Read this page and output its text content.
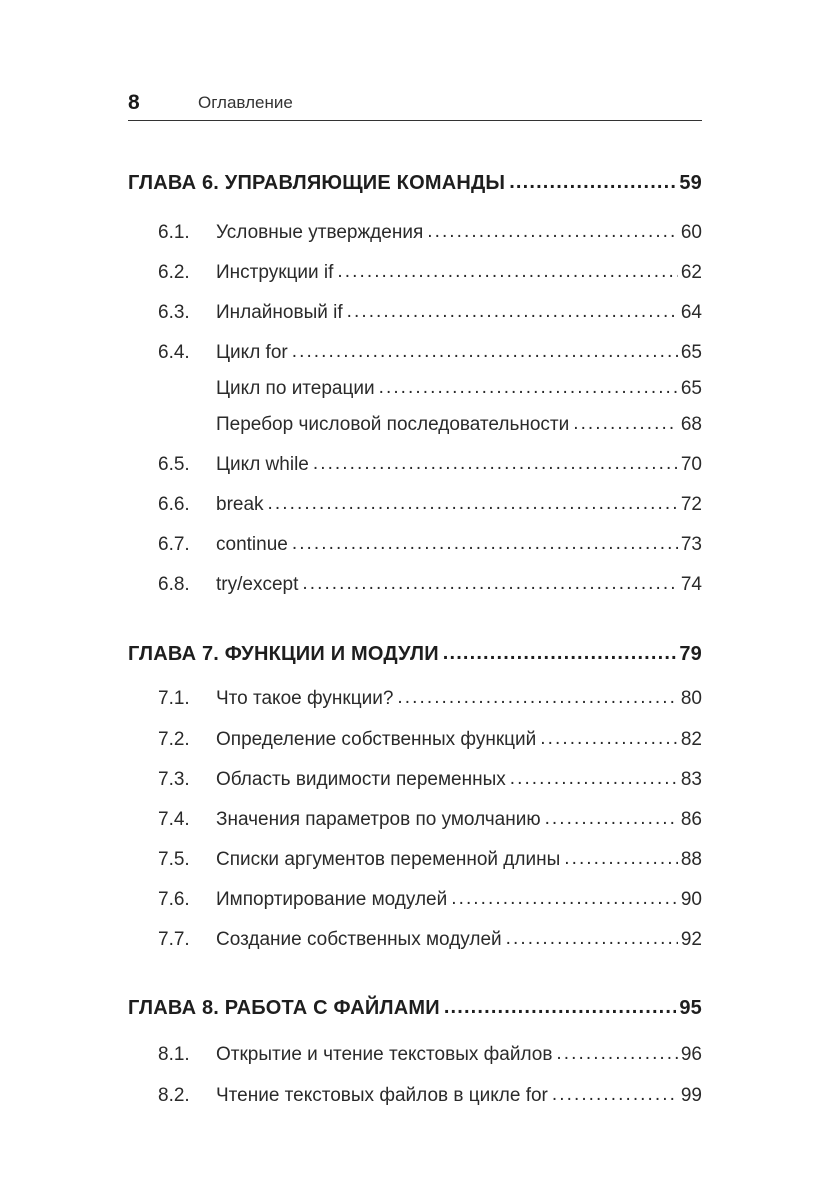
8	Оглавление
ГЛАВА 6. УПРАВЛЯЮЩИЕ КОМАНДЫ . . .	59
6.1.	Условные утверждения . . .	60
6.2.	Инструкции if . . .	62
6.3.	Инлайновый if . . .	64
6.4.	Цикл for . . .	65
Цикл по итерации . . .	65
Перебор числовой последовательности . . .	68
6.5.	Цикл while . . .	70
6.6.	break . . .	72
6.7.	continue . . .	73
6.8.	try/except . . .	74
ГЛАВА 7. ФУНКЦИИ И МОДУЛИ . . .	79
7.1.	Что такое функции? . . .	80
7.2.	Определение собственных функций . . .	82
7.3.	Область видимости переменных . . .	83
7.4.	Значения параметров по умолчанию . . .	86
7.5.	Списки аргументов переменной длины . . .	88
7.6.	Импортирование модулей . . .	90
7.7.	Создание собственных модулей . . .	92
ГЛАВА 8. РАБОТА С ФАЙЛАМИ . . .	95
8.1.	Открытие и чтение текстовых файлов . . .	96
8.2.	Чтение текстовых файлов в цикле for . . .	99
